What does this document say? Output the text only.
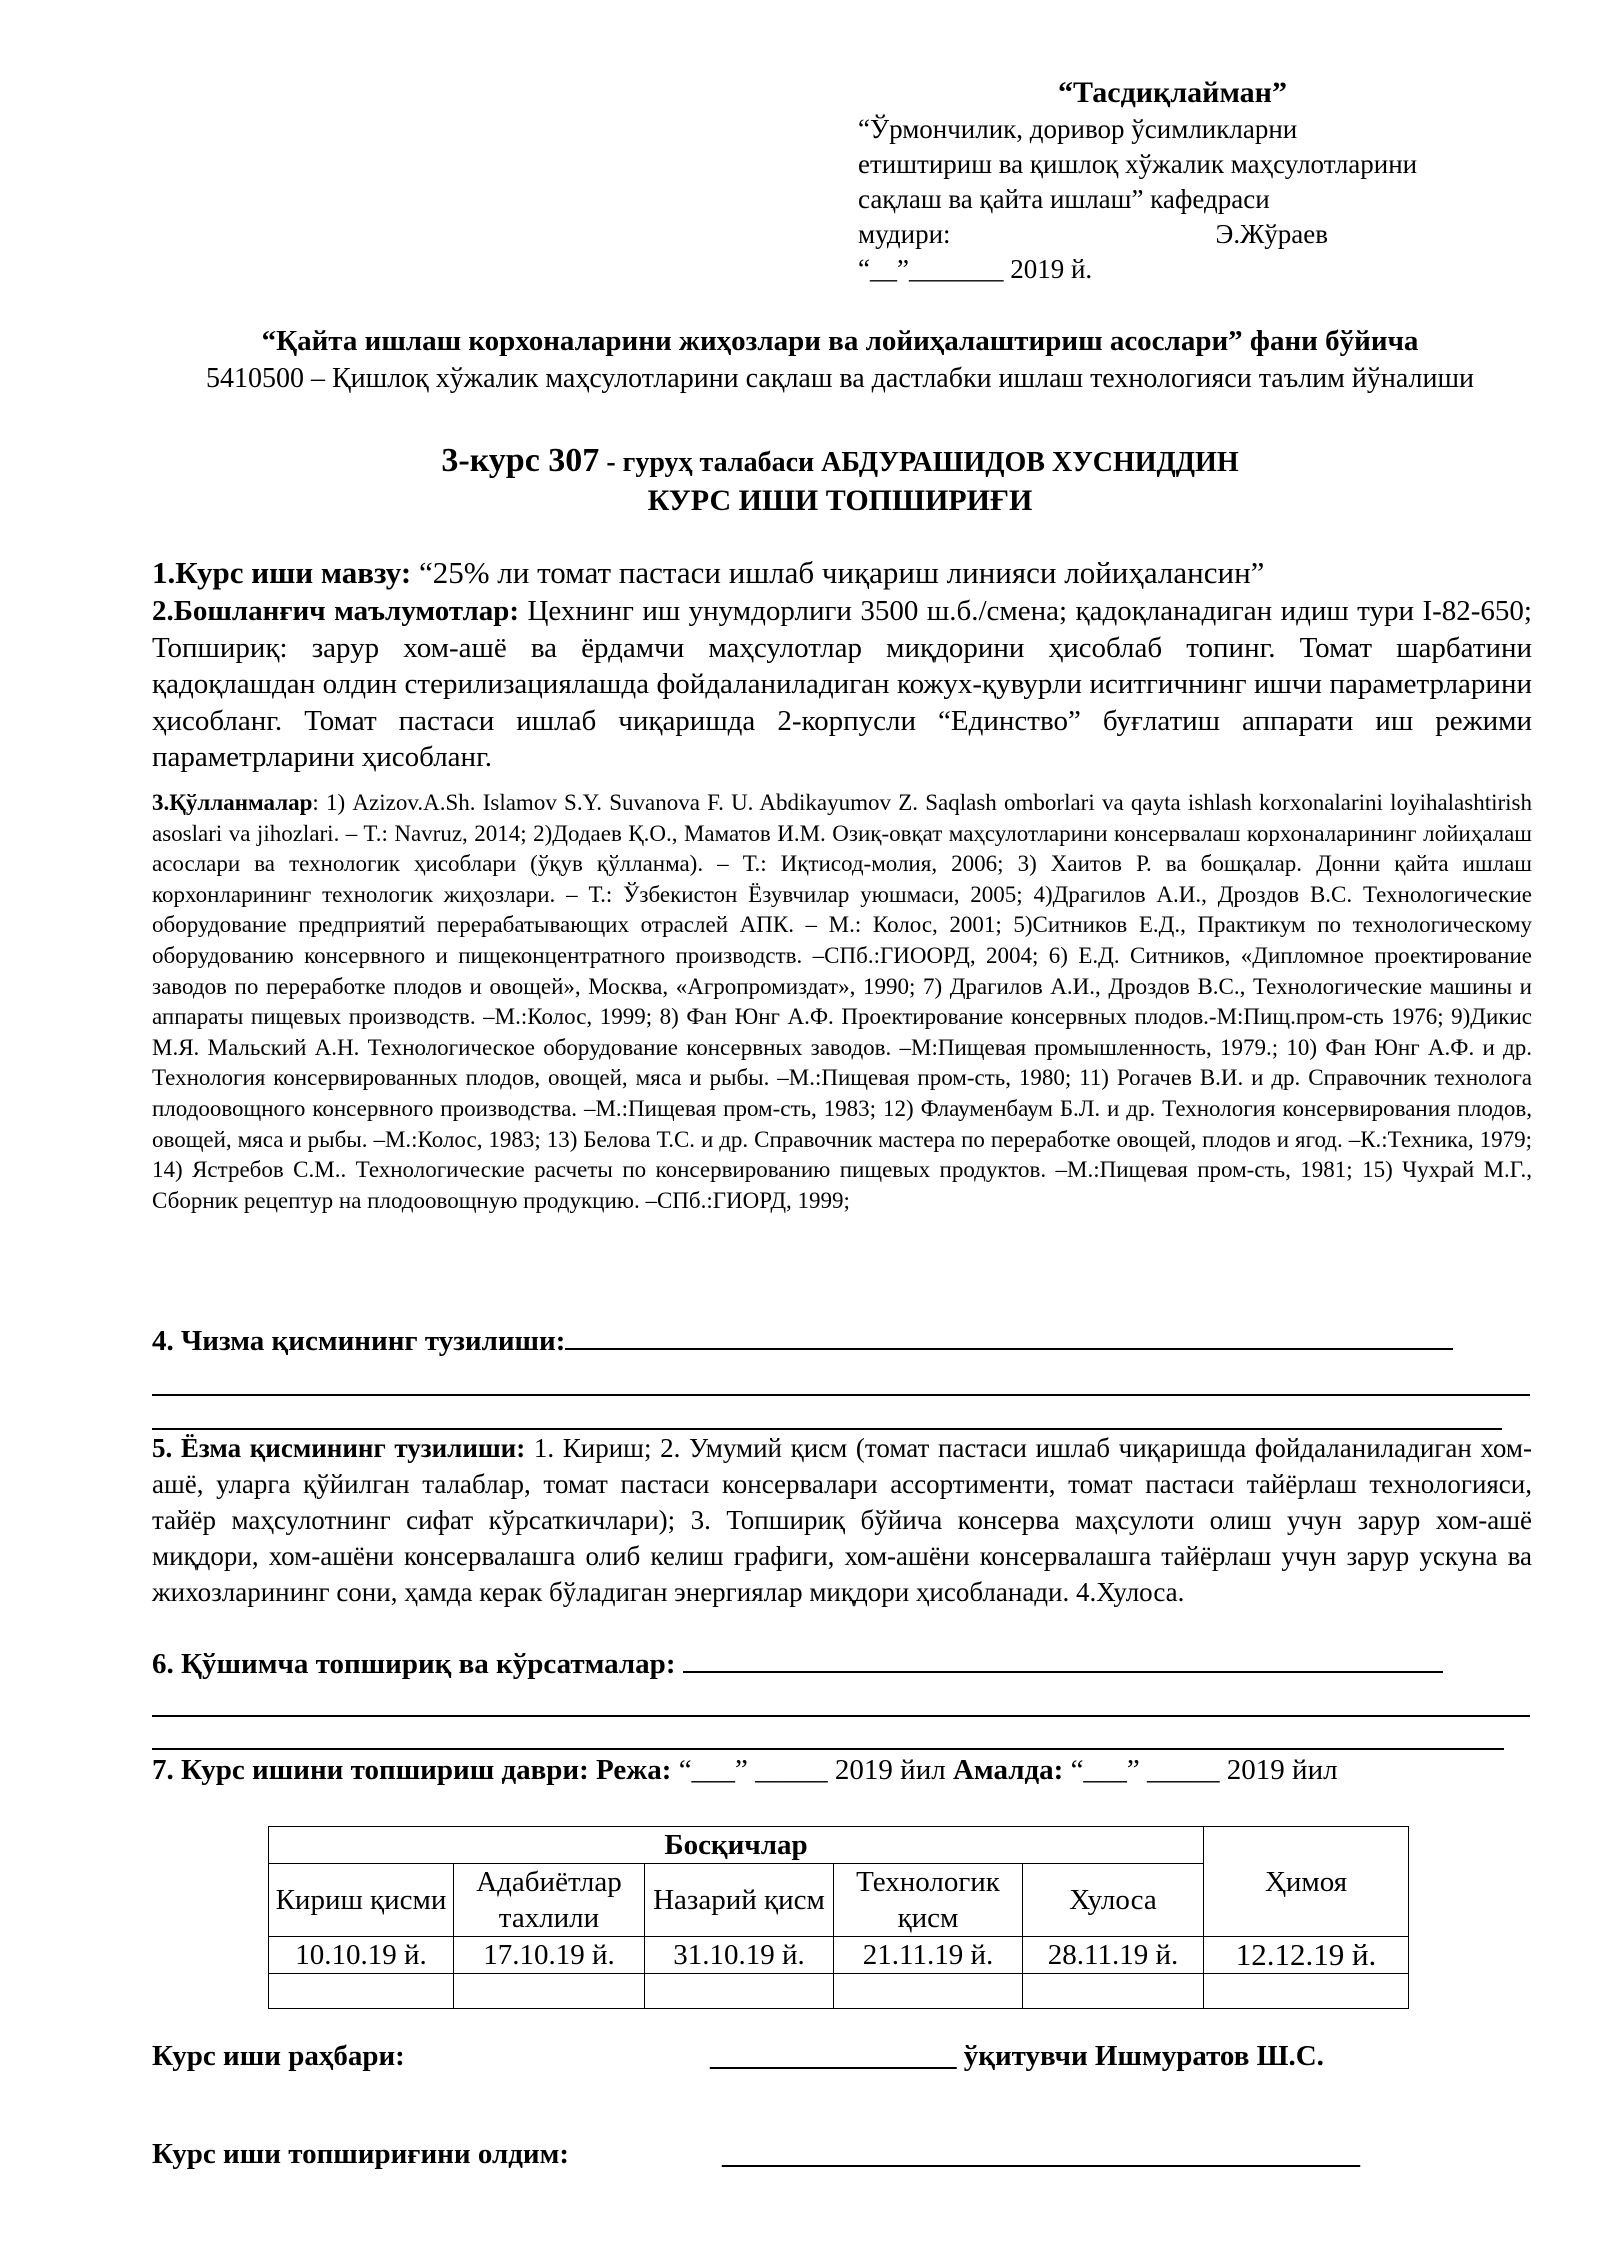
“Тасдиқлайман”
“Ўрмончилик, доривор ўсимликларни
етиштириш ва қишлоқ хўжалик маҳсулотларини
сақлаш ва қайта ишлаш” кафедраси
мудири:	Э.Жўраев
“__”_______ 2019 й.
“Қайта ишлаш корхоналарини жиҳозлари ва лойиҳалаштириш асослари” фани бўйича
5410500 – Қишлоқ хўжалик маҳсулотларини сақлаш ва дастлабки ишлаш технологияси таълим йўналиши
3-курс 307 - гуруҳ талабаси АБДУРАШИДОВ ХУСНИДДИН
КУРС ИШИ ТОПШИРИҒИ
1.Курс иши мавзу: “25% ли томат пастаси ишлаб чиқариш линияси лойиҳалансин”
2.Бошланғич маълумотлар: Цехнинг иш унумдорлиги 3500 ш.б./смена; қадоқланадиган идиш тури І-82-650; Топшириқ: зарур хом-ашё ва ёрдамчи маҳсулотлар миқдорини ҳисоблаб топинг. Томат шарбатини қадоқлашдан олдин стерилизациялашда фойдаланиладиган кожух-қувурли иситгичнинг ишчи параметрларини ҳисобланг. Томат пастаси ишлаб чиқаришда 2-корпусли “Единство” буғлатиш аппарати иш режими параметрларини ҳисобланг.
3.Қўлланмалар: 1) Azizov.A.Sh. Islamov S.Y. Suvanova F. U. Abdikayumov Z. Saqlash omborlari va qayta ishlash korxonalarini loyihalashtirish asoslari va jihozlari. – T.: Navruz, 2014; 2)Додаев Қ.О., Маматов И.М. Озиқ-овқат маҳсулотларини консервалаш корхоналарининг лойиҳалаш асослари ва технологик ҳисоблари (ўқув қўлланма). – Т.: Иқтисод-молия, 2006; 3) Хаитов Р. ва бошқалар. Донни қайта ишлаш корхонларининг технологик жиҳозлари. – Т.: Ўзбекистон Ёзувчилар уюшмаси, 2005; 4)Драгилов А.И., Дроздов В.С. Технологические оборудование предприятий перерабатывающих отраслей АПК. – М.: Колос, 2001; 5)Ситников Е.Д., Практикум по технологическому оборудованию консервного и пищеконцентратного производств. –СПб.:ГИООРД, 2004; 6) Е.Д. Ситников, «Дипломное проектирование заводов по переработке плодов и овощей», Москва, «Агропромиздат», 1990; 7) Драгилов А.И., Дроздов В.С., Технологические машины и аппараты пищевых производств. –М.:Колос, 1999; 8) Фан Юнг А.Ф. Проектирование консервных плодов.-М:Пищ.пром-сть 1976; 9)Дикис М.Я. Мальский А.Н. Технологическое оборудование консервных заводов. –М:Пищевая промышленность, 1979.; 10) Фан Юнг А.Ф. и др. Технология консервированных плодов, овощей, мяса и рыбы. –М.:Пищевая пром-сть, 1980; 11) Рогачев В.И. и др. Справочник технолога плодоовощного консервного производства. –М.:Пищевая пром-сть, 1983; 12) Флауменбаум Б.Л. и др. Технология консервирования плодов, овощей, мяса и рыбы. –М.:Колос, 1983; 13) Белова Т.С. и др. Справочник мастера по переработке овощей, плодов и ягод. –К.:Техника, 1979; 14) Ястребов С.М.. Технологические расчеты по консервированию пищевых продуктов. –М.:Пищевая пром-сть, 1981; 15) Чухрай М.Г., Сборник рецептур на плодоовощную продукцию. –СПб.:ГИОРД, 1999;
4. Чизма қисмининг тузилиши:
5. Ёзма қисмининг тузилиши: 1. Кириш; 2. Умумий қисм (томат пастаси ишлаб чиқаришда фойдаланиладиган хом-ашё, уларга қўйилган талаблар, томат пастаси консервалари ассортименти, томат пастаси тайёрлаш технологияси, тайёр маҳсулотнинг сифат кўрсаткичлари); 3. Топшириқ бўйича консерва маҳсулоти олиш учун зарур хом-ашё миқдори, хом-ашёни консервалашга олиб келиш графиги, хом-ашёни консервалашга тайёрлаш учун зарур ускуна ва жихозларининг сони, ҳамда керак бўладиган энергиялар миқдори ҳисобланади. 4.Хулоса.
6. Қўшимча топшириқ ва кўрсатмалар:
7. Курс ишини топшириш даври: Режа: “___” _____ 2019 йил Амалда: “___” _____ 2019 йил
Босқичлар					Ҳимоя
Кириш қисми	Адабиётлар тахлили	Назарий қисм	Технологик қисм	Хулоса	
10.10.19 й.	17.10.19 й.	31.10.19 й.	21.11.19 й.	28.11.19 й.	12.12.19 й.

Курс иши раҳбари:	_________________ ўқитувчи Ишмуратов Ш.С.
Курс иши топшириғини олдим:	____________________________________________
